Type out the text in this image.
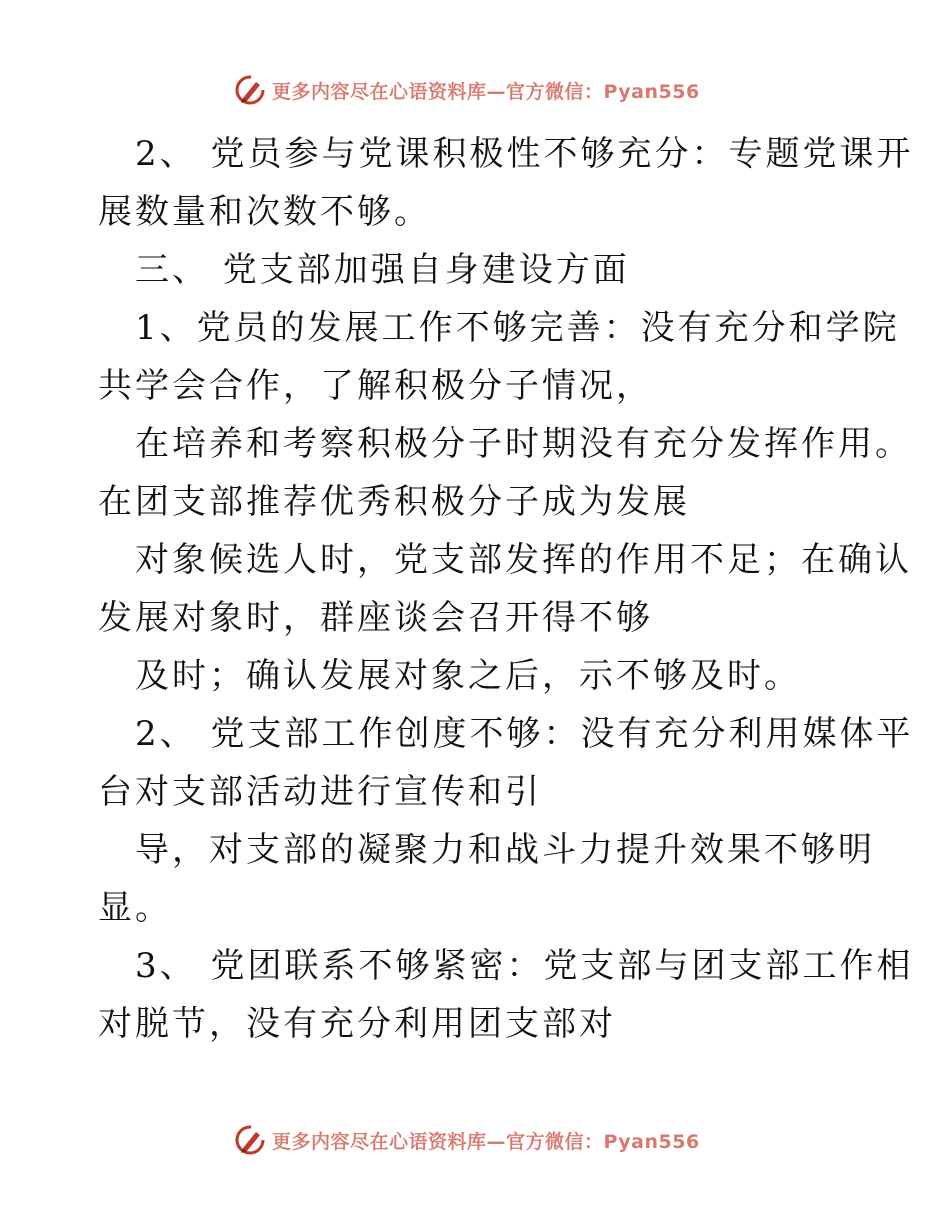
更多内容尽在心语资料库—官方微信：Pyan556
2、 党员参与党课积极性不够充分：专题党课开
展数量和次数不够。
三、 党支部加强自身建设方面
1、党员的发展工作不够完善：没有充分和学院
共学会合作，了解积极分子情况，
在培养和考察积极分子时期没有充分发挥作用。
在团支部推荐优秀积极分子成为发展
对象候选人时，党支部发挥的作用不足；在确认
发展对象时，群座谈会召开得不够
及时；确认发展对象之后，示不够及时。
2、 党支部工作创度不够：没有充分利用媒体平
台对支部活动进行宣传和引
导，对支部的凝聚力和战斗力提升效果不够明
显。
3、 党团联系不够紧密：党支部与团支部工作相
对脱节，没有充分利用团支部对
更多内容尽在心语资料库—官方微信：Pyan556
